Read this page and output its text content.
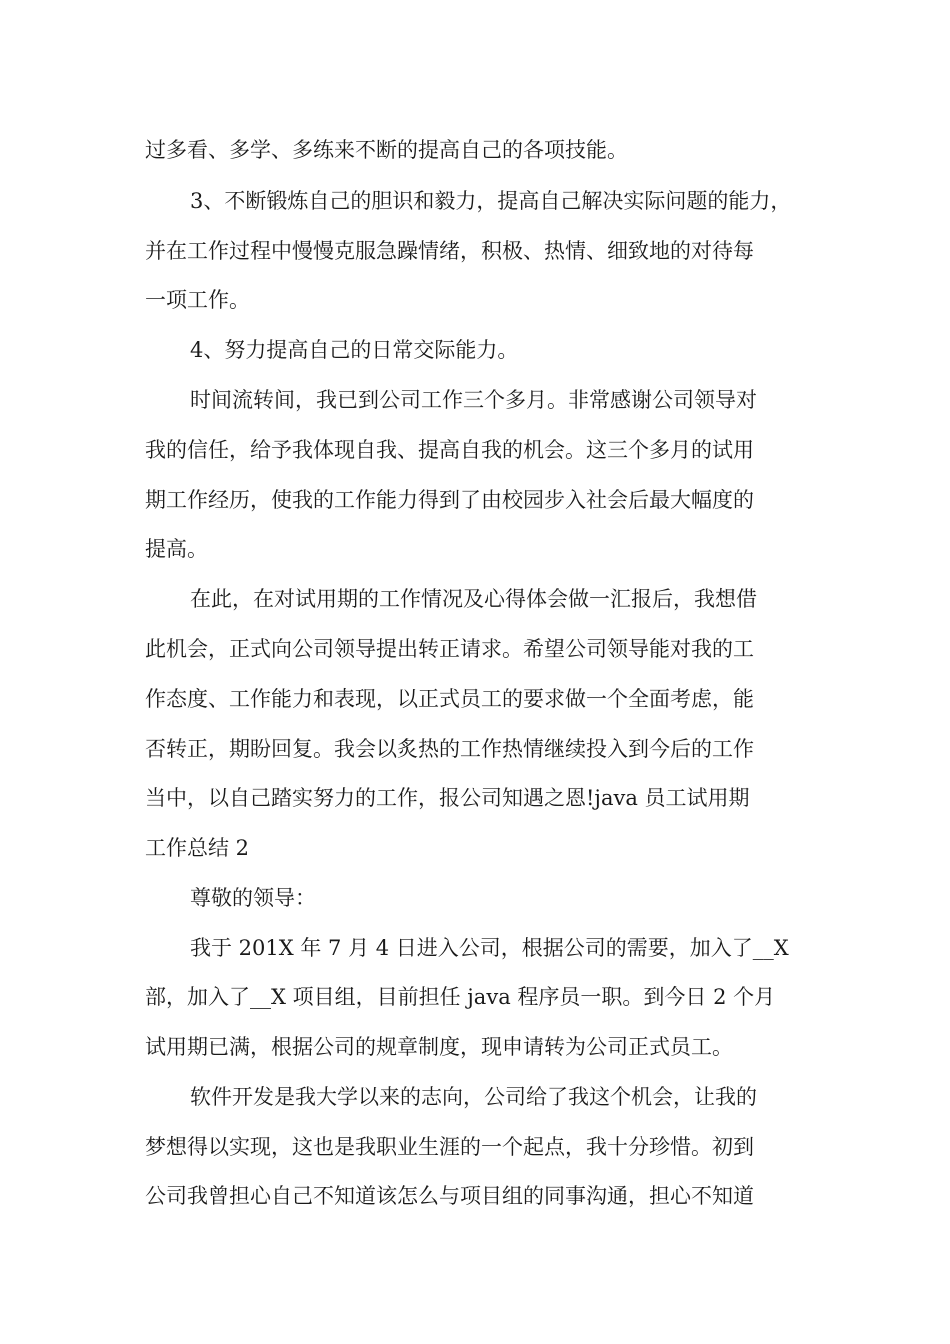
过多看、多学、多练来不断的提高自己的各项技能。
3、不断锻炼自己的胆识和毅力，提高自己解决实际问题的能力，
并在工作过程中慢慢克服急躁情绪，积极、热情、细致地的对待每
一项工作。
4、努力提高自己的日常交际能力。
时间流转间，我已到公司工作三个多月。非常感谢公司领导对
我的信任，给予我体现自我、提高自我的机会。这三个多月的试用
期工作经历，使我的工作能力得到了由校园步入社会后最大幅度的
提高。
在此，在对试用期的工作情况及心得体会做一汇报后，我想借
此机会，正式向公司领导提出转正请求。希望公司领导能对我的工
作态度、工作能力和表现，以正式员工的要求做一个全面考虑，能
否转正，期盼回复。我会以炙热的工作热情继续投入到今后的工作
当中，以自己踏实努力的工作，报公司知遇之恩!java 员工试用期
工作总结 2
尊敬的领导：
我于 201X 年 7 月 4 日进入公司，根据公司的需要，加入了__X
部，加入了__X 项目组，目前担任 java 程序员一职。到今日 2 个月
试用期已满，根据公司的规章制度，现申请转为公司正式员工。
软件开发是我大学以来的志向，公司给了我这个机会，让我的
梦想得以实现，这也是我职业生涯的一个起点，我十分珍惜。初到
公司我曾担心自己不知道该怎么与项目组的同事沟通，担心不知道
